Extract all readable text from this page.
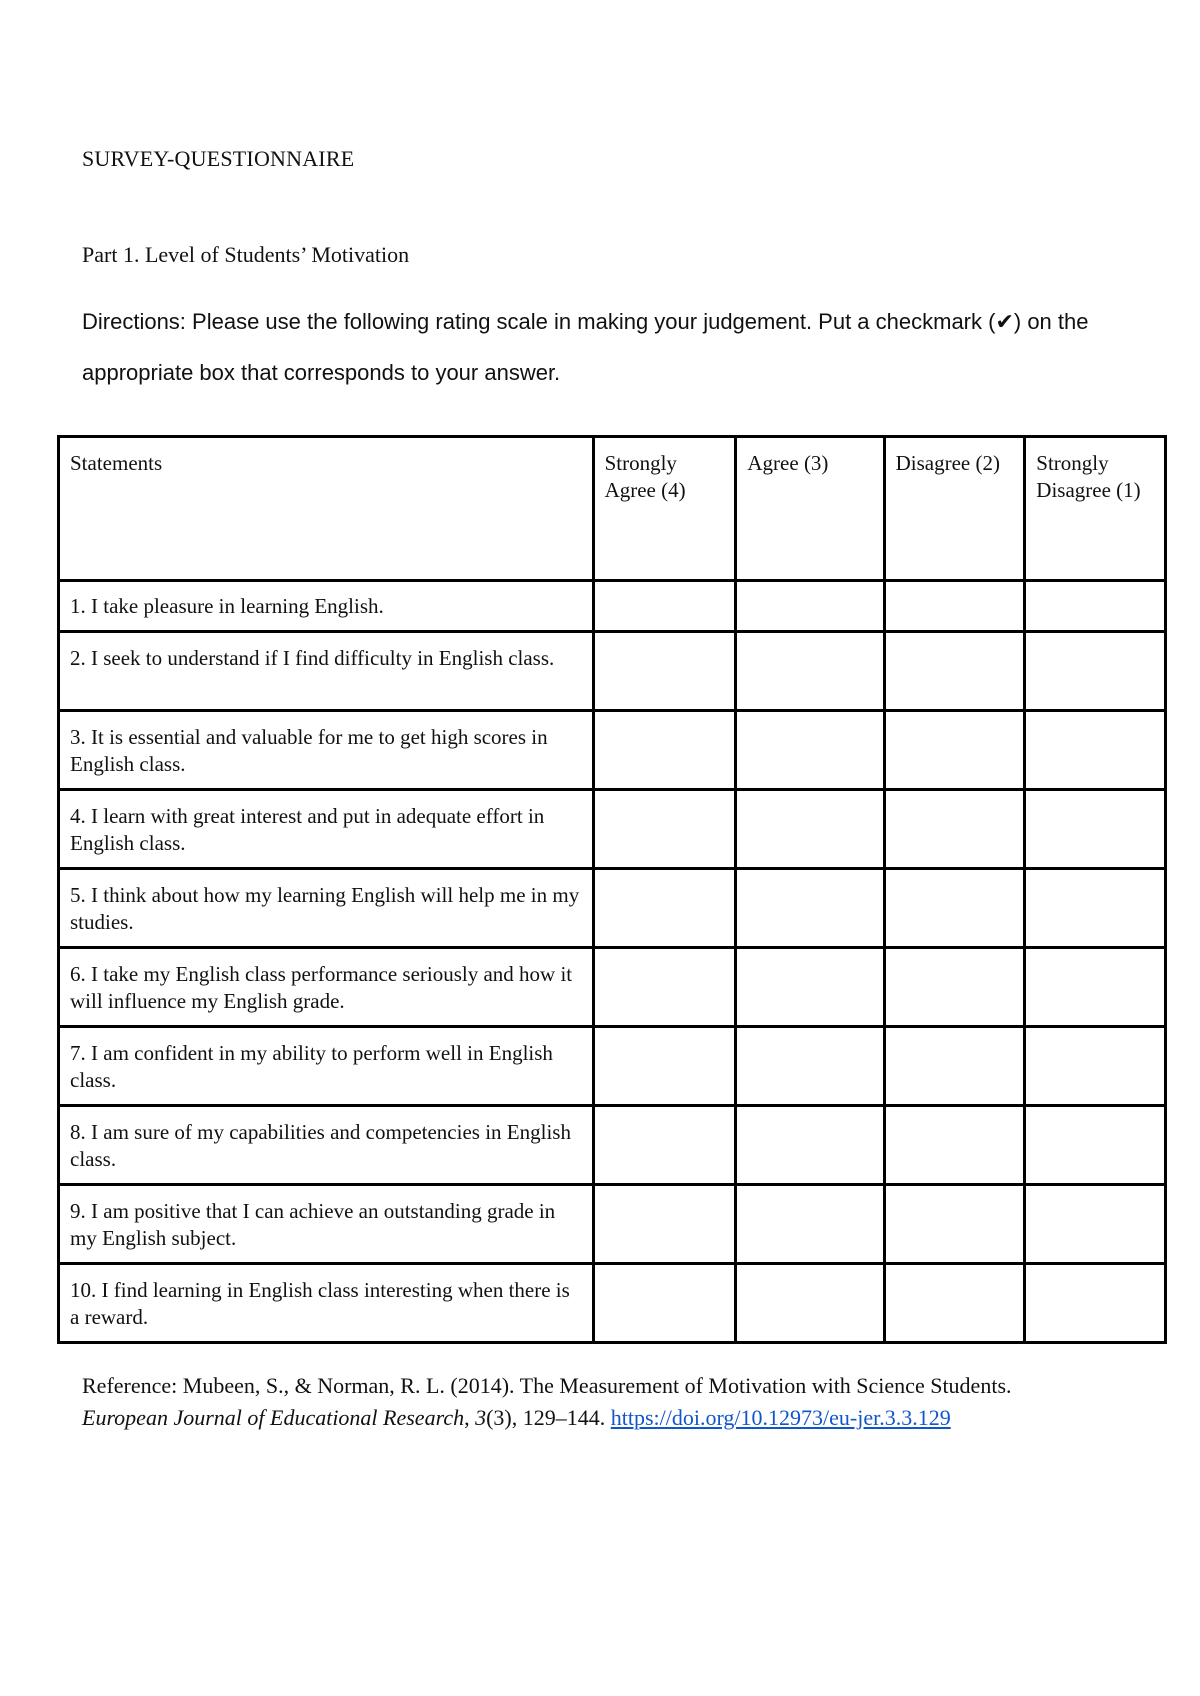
SURVEY-QUESTIONNAIRE
Part 1. Level of Students’ Motivation
Directions: Please use the following rating scale in making your judgement. Put a checkmark (✔) on the appropriate box that corresponds to your answer.
Statements	Strongly Agree (4)	Agree (3)	Disagree (2)	Strongly Disagree (1)
1. I take pleasure in learning English.				
2. I seek to understand if I find difficulty in English class.				
3. It is essential and valuable for me to get high scores in English class.				
4. I learn with great interest and put in adequate effort in English class.				
5. I think about how my learning English will help me in my studies.				
6. I take my English class performance seriously and how it will influence my English grade.				
7. I am confident in my ability to perform well in English class.				
8. I am sure of my capabilities and competencies in English class.				
9. I am positive that I can achieve an outstanding grade in my English subject.				
10. I find learning in English class interesting when there is a reward.				
Reference: Mubeen, S., & Norman, R. L. (2014). The Measurement of Motivation with Science Students. European Journal of Educational Research, 3(3), 129–144. https://doi.org/10.12973/eu-jer.3.3.129
